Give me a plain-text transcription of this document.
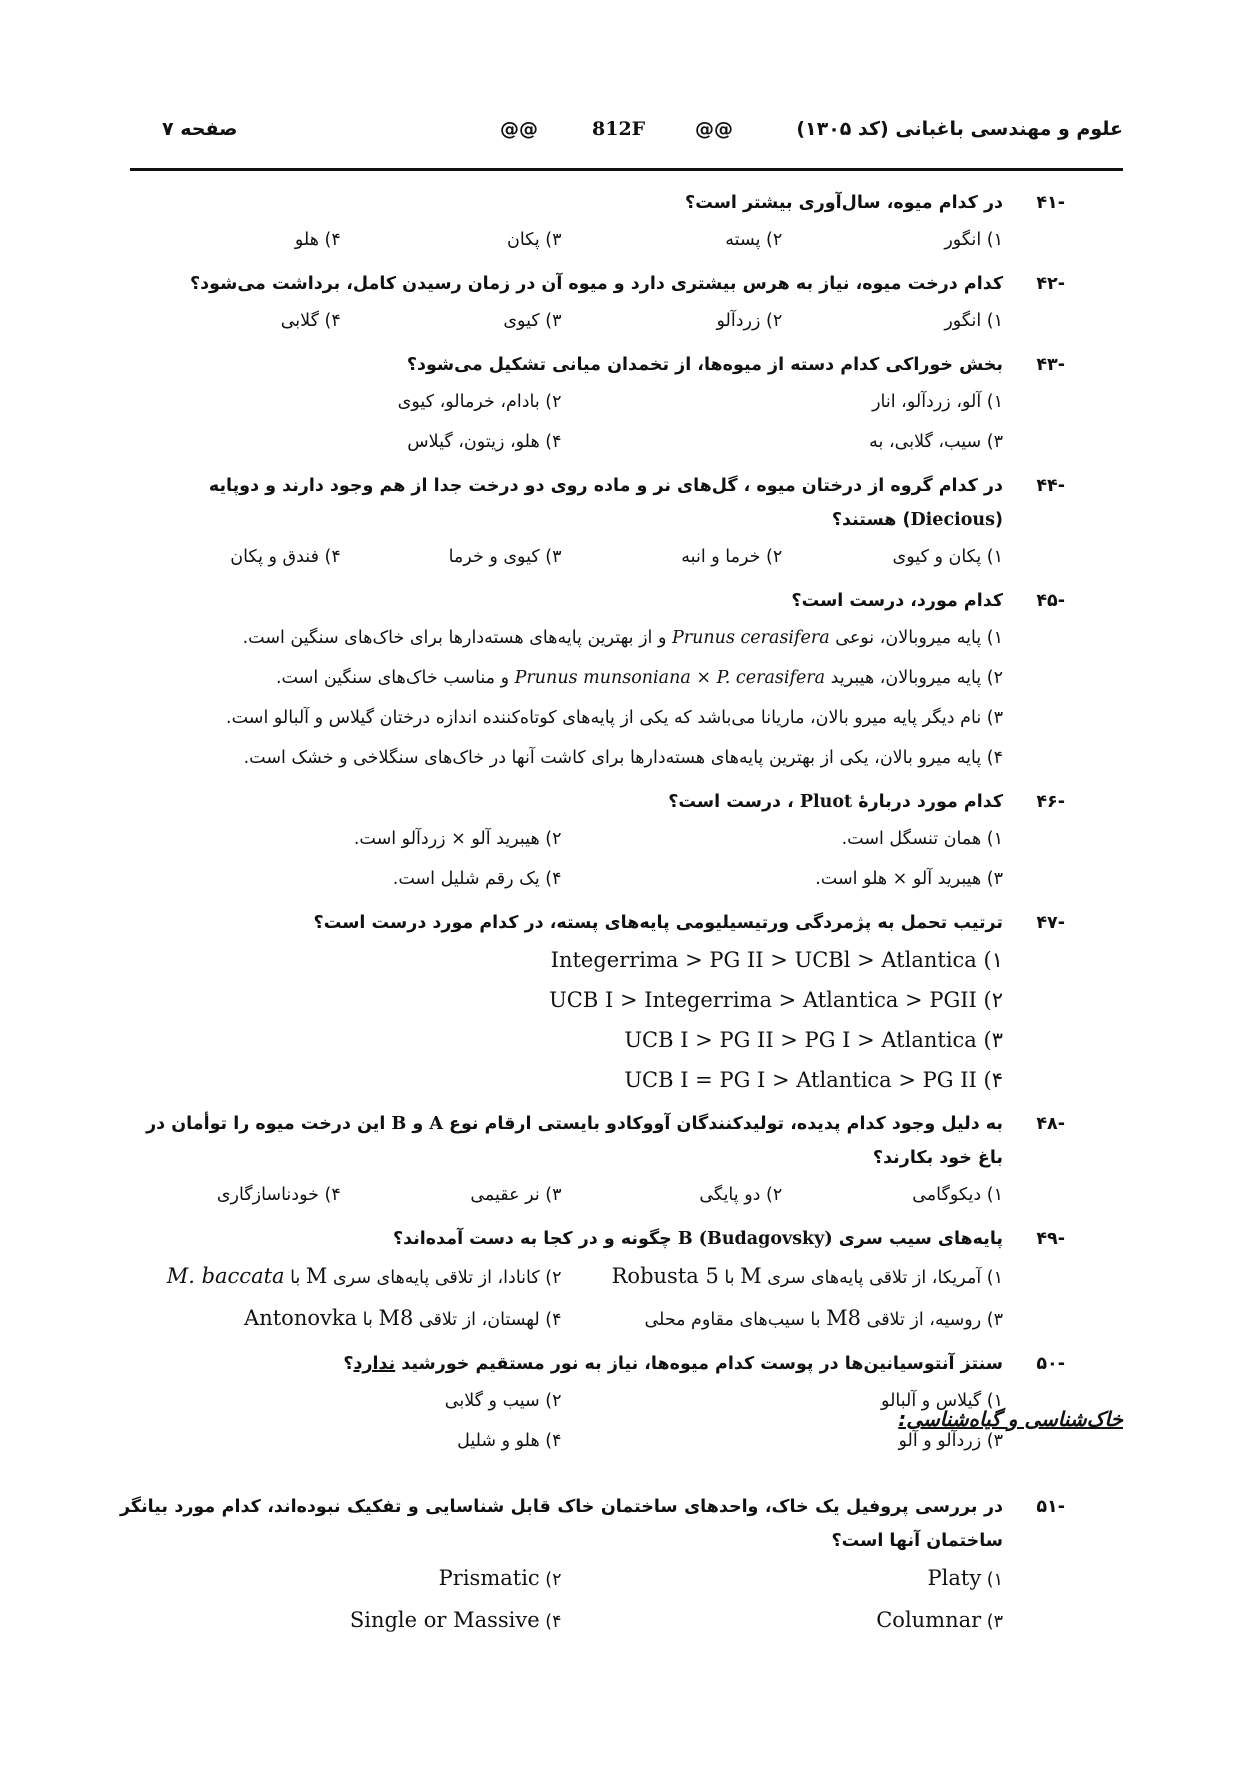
علوم و مهندسی باغبانی (کد ۱۳۰۵)
@@
812F
@@
صفحه ۷
-۴۱
در کدام میوه، سال‌آوری بیشتر است؟
۱) انگور
۲) پسته
۳) پکان
۴) هلو
-۴۲
کدام درخت میوه، نیاز به هرس بیشتری دارد و میوه آن در زمان رسیدن کامل، برداشت می‌شود؟
۱) انگور
۲) زردآلو
۳) کیوی
۴) گلابی
-۴۳
بخش خوراکی کدام دسته از میوه‌ها، از تخمدان میانی تشکیل می‌شود؟
۱) آلو، زردآلو، انار
۲) بادام، خرمالو، کیوی
۳) سیب، گلابی، به
۴) هلو، زیتون، گیلاس
-۴۴
در کدام گروه از درختان میوه ، گل‌های نر و ماده روی دو درخت جدا از هم وجود دارند و دوپایه (Diecious) هستند؟
۱) پکان و کیوی
۲) خرما و انبه
۳) کیوی و خرما
۴) فندق و پکان
-۴۵
کدام مورد، درست است؟
۱) پایه میروبالان، نوعی Prunus cerasifera و از بهترین پایه‌های هسته‌دارها برای خاک‌های سنگین است.
۲) پایه میروبالان، هیبرید Prunus munsoniana × P. cerasifera و مناسب خاک‌های سنگین است.
۳) نام دیگر پایه میرو بالان، ماریانا می‌باشد که یکی از پایه‌های کوتاه‌کننده اندازه درختان گیلاس و آلبالو است.
۴) پایه میرو بالان، یکی از بهترین پایه‌های هسته‌دارها برای کاشت آنها در خاک‌های سنگلاخی و خشک است.
-۴۶
کدام مورد دربارهٔ Pluot ، درست است؟
۱) همان تنسگل است.
۲) هیبرید آلو × زردآلو است.
۳) هیبرید آلو × هلو است.
۴) یک رقم شلیل است.
-۴۷
ترتیب تحمل به پژمردگی ورتیسیلیومی پایه‌های پسته، در کدام مورد درست است؟
۱) Integerrima > PG II > UCBl > Atlantica
۲) UCB I > Integerrima > Atlantica > PGII
۳) UCB I > PG II > PG I > Atlantica
۴) UCB I = PG I > Atlantica > PG II
-۴۸
به دلیل وجود کدام پدیده، تولیدکنندگان آووکادو بایستی ارقام نوع A و B این درخت میوه را توأمان در باغ خود بکارند؟
۱) دیکوگامی
۲) دو پایگی
۳) نر عقیمی
۴) خودناسازگاری
-۴۹
پایه‌های سیب سری B (Budagovsky) چگونه و در کجا به دست آمده‌اند؟
۱) آمریکا، از تلاقی پایه‌های سری M با Robusta 5
۲) کانادا، از تلاقی پایه‌های سری M با M. baccata
۳) روسیه، از تلاقی M8 با سیب‌های مقاوم محلی
۴) لهستان، از تلاقی M8 با Antonovka
-۵۰
سنتز آنتوسیانین‌ها در پوست کدام میوه‌ها، نیاز به نور مستقیم خورشید ندارد؟
۱) گیلاس و آلبالو
۲) سیب و گلابی
۳) زردآلو و آلو
۴) هلو و شلیل
خاک‌شناسی و گیاه‌شناسی:
-۵۱
در بررسی پروفیل یک خاک، واحدهای ساختمان خاک قابل شناسایی و تفکیک نبوده‌اند، کدام مورد بیانگر ساختمان آنها است؟
۱) Platy
۲) Prismatic
۳) Columnar
۴) Single or Massive
